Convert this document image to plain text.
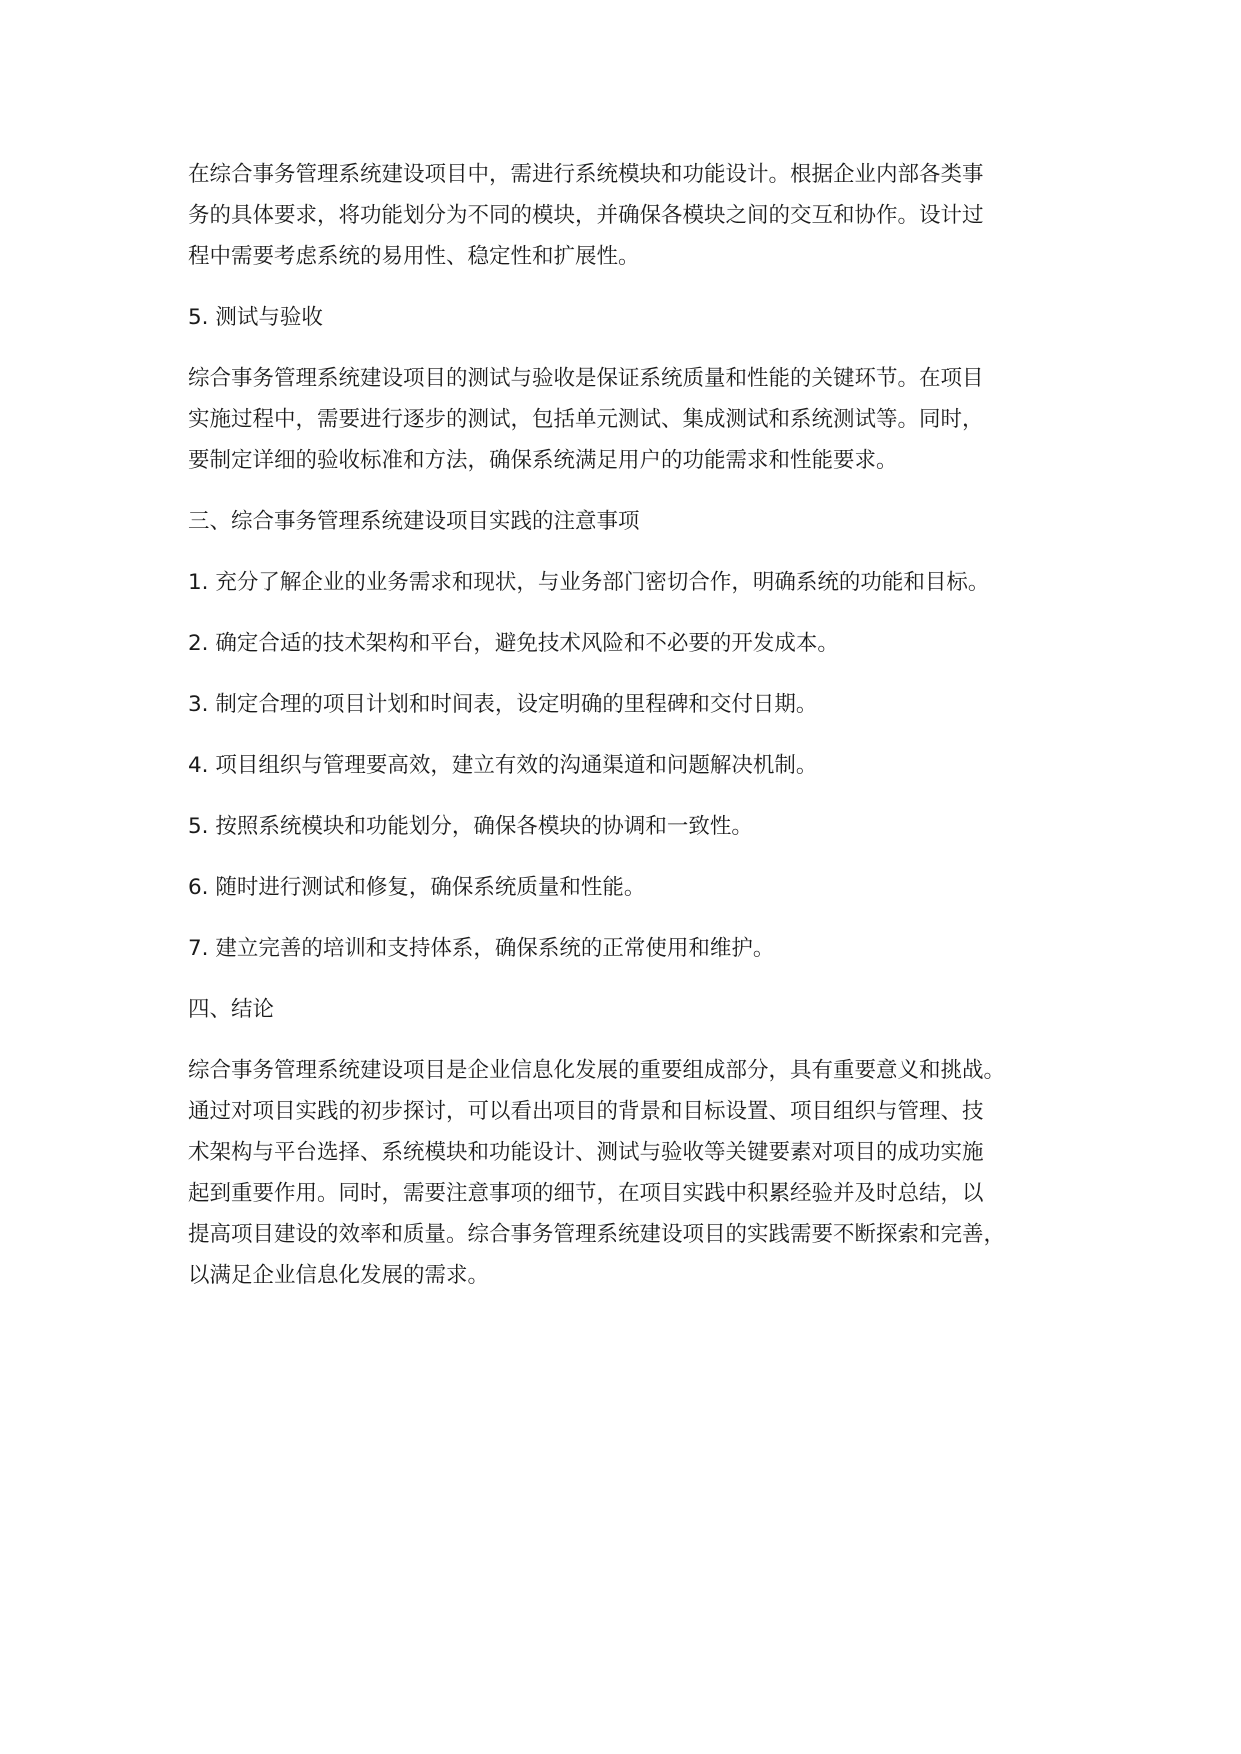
在综合事务管理系统建设项目中，需进行系统模块和功能设计。根据企业内部各类事
务的具体要求，将功能划分为不同的模块，并确保各模块之间的交互和协作。设计过
程中需要考虑系统的易用性、稳定性和扩展性。
5. 测试与验收
综合事务管理系统建设项目的测试与验收是保证系统质量和性能的关键环节。在项目
实施过程中，需要进行逐步的测试，包括单元测试、集成测试和系统测试等。同时，
要制定详细的验收标准和方法，确保系统满足用户的功能需求和性能要求。
三、综合事务管理系统建设项目实践的注意事项
1. 充分了解企业的业务需求和现状，与业务部门密切合作，明确系统的功能和目标。
2. 确定合适的技术架构和平台，避免技术风险和不必要的开发成本。
3. 制定合理的项目计划和时间表，设定明确的里程碑和交付日期。
4. 项目组织与管理要高效，建立有效的沟通渠道和问题解决机制。
5. 按照系统模块和功能划分，确保各模块的协调和一致性。
6. 随时进行测试和修复，确保系统质量和性能。
7. 建立完善的培训和支持体系，确保系统的正常使用和维护。
四、结论
综合事务管理系统建设项目是企业信息化发展的重要组成部分，具有重要意义和挑战。
通过对项目实践的初步探讨，可以看出项目的背景和目标设置、项目组织与管理、技
术架构与平台选择、系统模块和功能设计、测试与验收等关键要素对项目的成功实施
起到重要作用。同时，需要注意事项的细节，在项目实践中积累经验并及时总结，以
提高项目建设的效率和质量。综合事务管理系统建设项目的实践需要不断探索和完善，
以满足企业信息化发展的需求。
